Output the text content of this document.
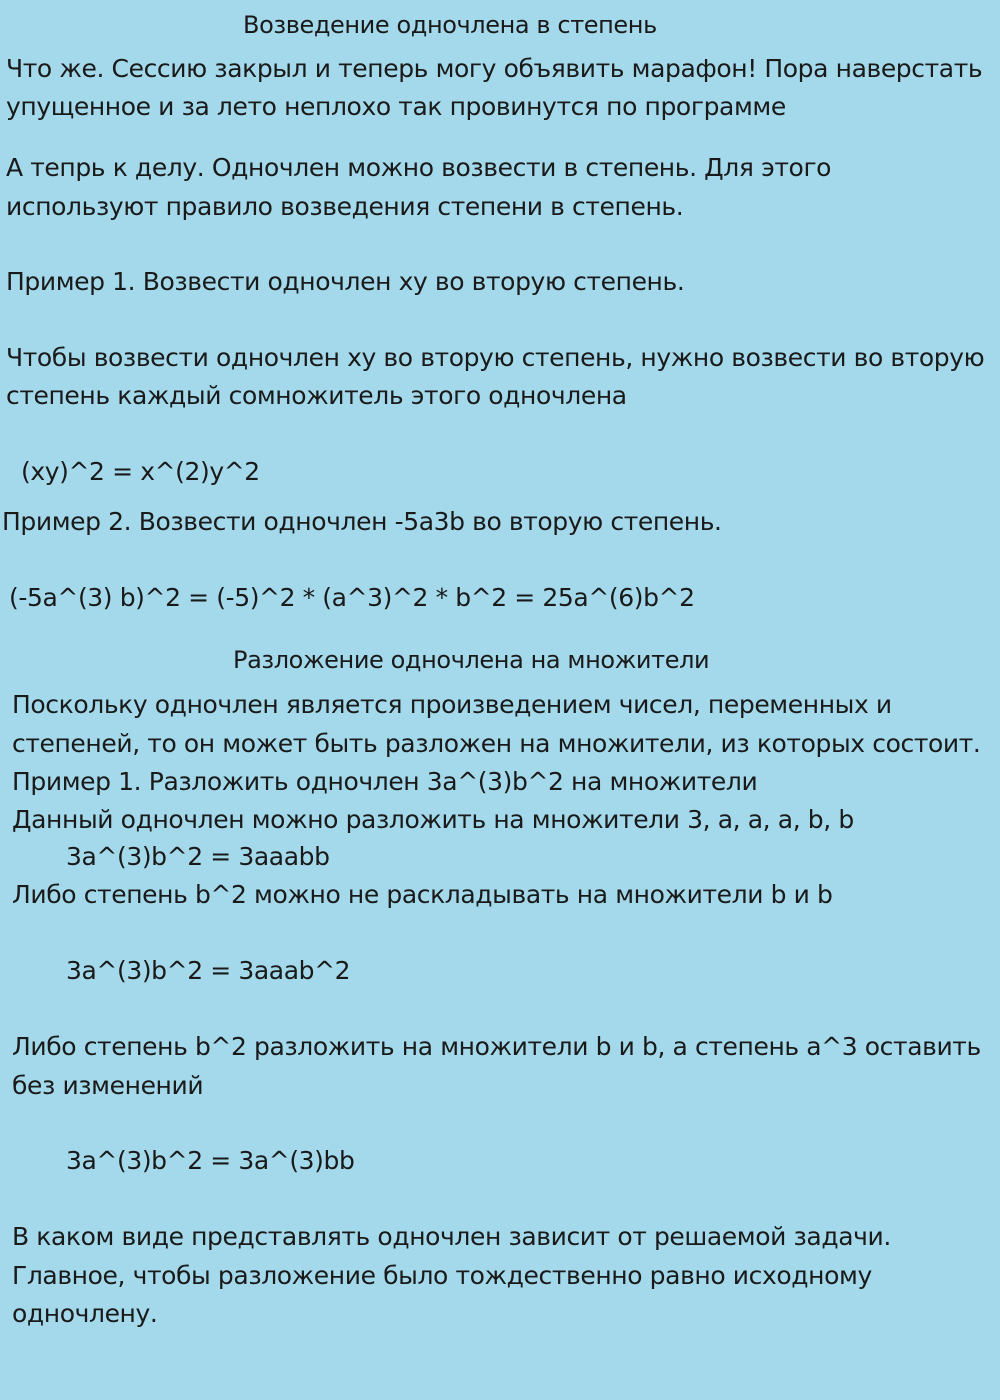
Возведение одночлена в степень
Что же. Сессию закрыл и теперь могу объявить марафон! Пора наверстать
упущенное и за лето неплохо так провинутся по программе
А тепрь к делу. Одночлен можно возвести в степень. Для этого
используют правило возведения степени в степень.
Пример 1. Возвести одночлен xy во вторую степень.
Чтобы возвести одночлен xy во вторую степень, нужно возвести во вторую
степень каждый сомножитель этого одночлена
(xy)^2 = x^(2)y^2
Пример 2. Возвести одночлен -5a3b во вторую степень.
(-5a^(3) b)^2 = (-5)^2 * (a^3)^2 * b^2 = 25a^(6)b^2
Разложение одночлена на множители
Поскольку одночлен является произведением чисел, переменных и
степеней, то он может быть разложен на множители, из которых состоит.
Пример 1. Разложить одночлен 3a^(3)b^2 на множители
Данный одночлен можно разложить на множители 3, a, a, a, b, b
3a^(3)b^2 = 3aaabb
Либо степень b^2 можно не раскладывать на множители b и b
3a^(3)b^2 = 3aaab^2
Либо степень b^2 разложить на множители b и b, а степень a^3 оставить
без изменений
3a^(3)b^2 = 3a^(3)bb
В каком виде представлять одночлен зависит от решаемой задачи.
Главное, чтобы разложение было тождественно равно исходному
одночлену.
